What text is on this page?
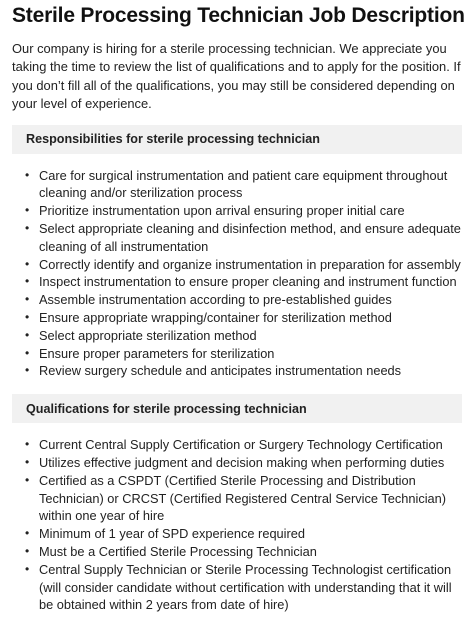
Sterile Processing Technician Job Description

Our company is hiring for a sterile processing technician. We appreciate you taking the time to review the list of qualifications and to apply for the position. If you don’t fill all of the qualifications, you may still be considered depending on your level of experience.

Responsibilities for sterile processing technician
• Care for surgical instrumentation and patient care equipment throughout cleaning and/or sterilization process
• Prioritize instrumentation upon arrival ensuring proper initial care
• Select appropriate cleaning and disinfection method, and ensure adequate cleaning of all instrumentation
• Correctly identify and organize instrumentation in preparation for assembly
• Inspect instrumentation to ensure proper cleaning and instrument function
• Assemble instrumentation according to pre-established guides
• Ensure appropriate wrapping/container for sterilization method
• Select appropriate sterilization method
• Ensure proper parameters for sterilization
• Review surgery schedule and anticipates instrumentation needs
Qualifications for sterile processing technician
• Current Central Supply Certification or Surgery Technology Certification
• Utilizes effective judgment and decision making when performing duties
• Certified as a CSPDT (Certified Sterile Processing and Distribution Technician) or CRCST (Certified Registered Central Service Technician) within one year of hire
• Minimum of 1 year of SPD experience required
• Must be a Certified Sterile Processing Technician
• Central Supply Technician or Sterile Processing Technologist certification (will consider candidate without certification with understanding that it will be obtained within 2 years from date of hire)
